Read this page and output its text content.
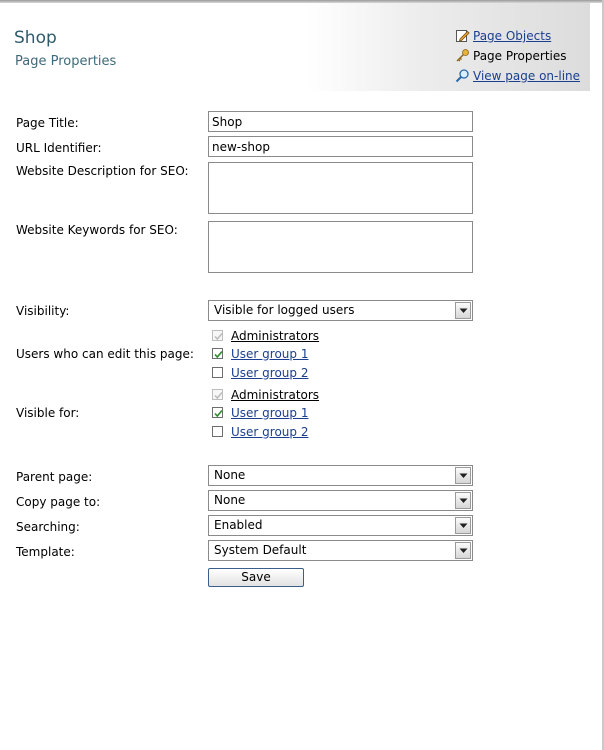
Shop
Page Properties
Page Objects
Page Properties
View page on-line
Page Title:
Shop
URL Identifier:
new-shop
Website Description for SEO:
Website Keywords for SEO:
Visibility:	Visible for logged users
Users who can edit this page:
Administrators
User group 1
User group 2
Visible for:
Administrators
User group 1
User group 2
Parent page:	None
Copy page to:	None
Searching:	Enabled
Template:	System Default
Save
